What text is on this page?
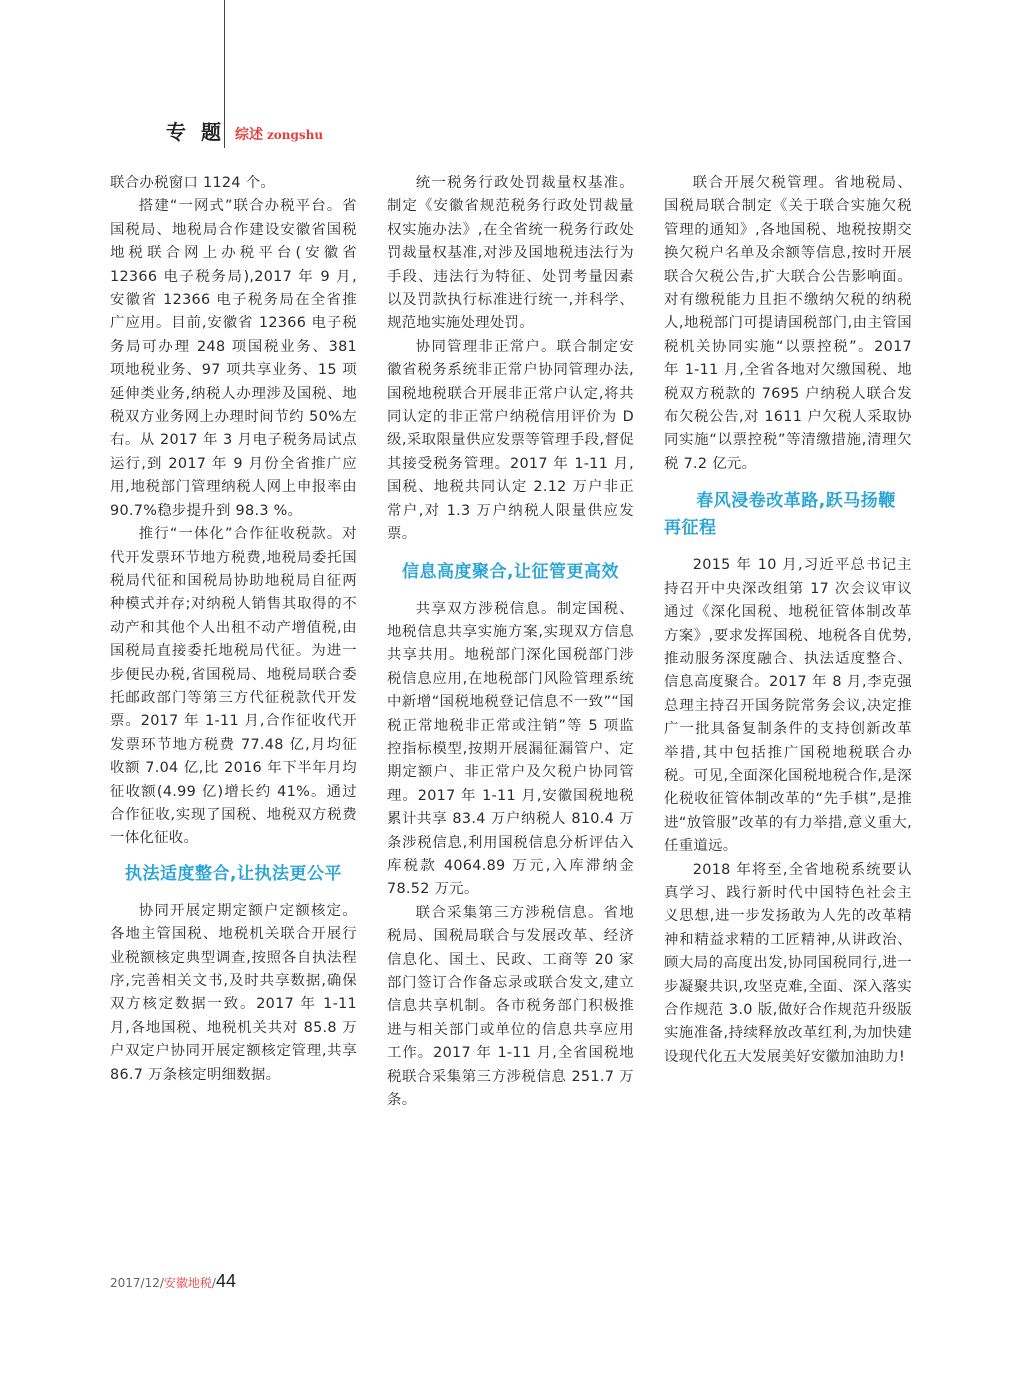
专 题 综述 zongshu

联合办税窗口 1124 个。

搭建“一网式”联合办税平台。省国税局、地税局合作建设安徽省国税地税联合网上办税平台(安徽省 12366 电子税务局),2017 年 9 月,安徽省 12366 电子税务局在全省推广应用。目前,安徽省 12366 电子税务局可办理 248 项国税业务、381 项地税业务、97 项共享业务、15 项延伸类业务,纳税人办理涉及国税、地税双方业务网上办理时间节约 50%左右。从 2017 年 3 月电子税务局试点运行,到 2017 年 9 月份全省推广应用,地税部门管理纳税人网上申报率由 90.7%稳步提升到 98.3 %。

推行“一体化”合作征收税款。对代开发票环节地方税费,地税局委托国税局代征和国税局协助地税局自征两种模式并存;对纳税人销售其取得的不动产和其他个人出租不动产增值税,由国税局直接委托地税局代征。为进一步便民办税,省国税局、地税局联合委托邮政部门等第三方代征税款代开发票。2017 年 1-11 月,合作征收代开发票环节地方税费 77.48 亿,月均征收额 7.04 亿,比 2016 年下半年月均征收额(4.99 亿)增长约 41%。通过合作征收,实现了国税、地税双方税费一体化征收。

执法适度整合,让执法更公平

协同开展定期定额户定额核定。各地主管国税、地税机关联合开展行业税额核定典型调查,按照各自执法程序,完善相关文书,及时共享数据,确保双方核定数据一致。2017 年 1-11 月,各地国税、地税机关共对 85.8 万户双定户协同开展定额核定管理,共享 86.7 万条核定明细数据。

统一税务行政处罚裁量权基准。制定《安徽省规范税务行政处罚裁量权实施办法》,在全省统一税务行政处罚裁量权基准,对涉及国地税违法行为手段、违法行为特征、处罚考量因素以及罚款执行标准进行统一,并科学、规范地实施处理处罚。

协同管理非正常户。联合制定安徽省税务系统非正常户协同管理办法,国税地税联合开展非正常户认定,将共同认定的非正常户纳税信用评价为 D 级,采取限量供应发票等管理手段,督促其接受税务管理。2017 年 1-11 月,国税、地税共同认定 2.12 万户非正常户,对 1.3 万户纳税人限量供应发票。

信息高度聚合,让征管更高效

共享双方涉税信息。制定国税、地税信息共享实施方案,实现双方信息共享共用。地税部门深化国税部门涉税信息应用,在地税部门风险管理系统中新增“国税地税登记信息不一致”“国税正常地税非正常或注销”等 5 项监控指标模型,按期开展漏征漏管户、定期定额户、非正常户及欠税户协同管理。2017 年 1-11 月,安徽国税地税累计共享 83.4 万户纳税人 810.4 万条涉税信息,利用国税信息分析评估入库税款 4064.89 万元,入库滞纳金 78.52 万元。

联合采集第三方涉税信息。省地税局、国税局联合与发展改革、经济信息化、国土、民政、工商等 20 家部门签订合作备忘录或联合发文,建立信息共享机制。各市税务部门积极推进与相关部门或单位的信息共享应用工作。2017 年 1-11 月,全省国税地税联合采集第三方涉税信息 251.7 万条。

联合开展欠税管理。省地税局、国税局联合制定《关于联合实施欠税管理的通知》,各地国税、地税按期交换欠税户名单及余额等信息,按时开展联合欠税公告,扩大联合公告影响面。对有缴税能力且拒不缴纳欠税的纳税人,地税部门可提请国税部门,由主管国税机关协同实施“以票控税”。2017 年 1-11 月,全省各地对欠缴国税、地税双方税款的 7695 户纳税人联合发布欠税公告,对 1611 户欠税人采取协同实施“以票控税”等清缴措施,清理欠税 7.2 亿元。

春风浸卷改革路,跃马扬鞭再征程

2015 年 10 月,习近平总书记主持召开中央深改组第 17 次会议审议通过《深化国税、地税征管体制改革方案》,要求发挥国税、地税各自优势,推动服务深度融合、执法适度整合、信息高度聚合。2017 年 8 月,李克强总理主持召开国务院常务会议,决定推广一批具备复制条件的支持创新改革举措,其中包括推广国税地税联合办税。可见,全面深化国税地税合作,是深化税收征管体制改革的“先手棋”,是推进“放管服”改革的有力举措,意义重大,任重道远。

2018 年将至,全省地税系统要认真学习、践行新时代中国特色社会主义思想,进一步发扬敢为人先的改革精神和精益求精的工匠精神,从讲政治、顾大局的高度出发,协同国税同行,进一步凝聚共识,攻坚克难,全面、深入落实合作规范 3.0 版,做好合作规范升级版实施准备,持续释放改革红利,为加快建设现代化五大发展美好安徽加油助力!

2017/12/安徽地税/44
